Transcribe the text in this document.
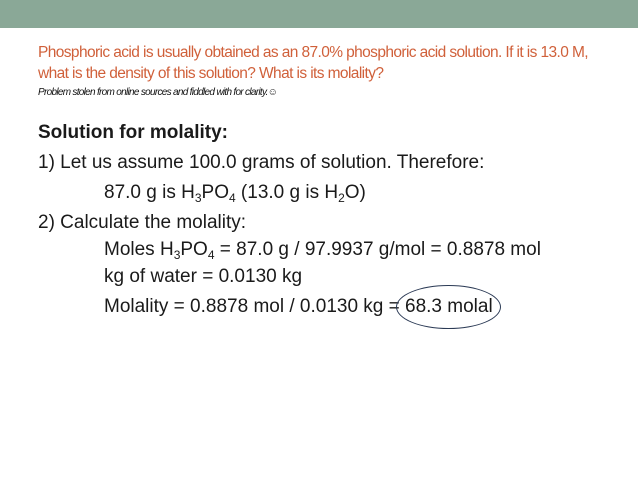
Phosphoric acid is usually obtained as an 87.0% phosphoric acid solution. If it is 13.0 M, what is the density of this solution? What is its molality?
Problem stolen from online sources and fiddled with for clarity.☺
Solution for molality:
1) Let us assume 100.0 grams of solution. Therefore:
87.0 g is $H_3PO_4$ (13.0 g is $H_2O$)
2) Calculate the molality:
Moles $H_3PO_4 = 87.0$ g / 97.9937 g/mol = 0.8878 mol
kg of water = 0.0130 kg
Molality = 0.8878 mol / 0.0130 kg =
68.3 molal
